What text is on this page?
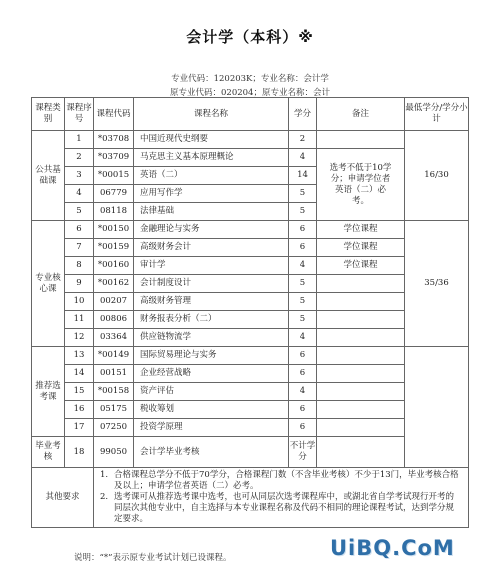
会计学（本科）※
专业代码：120203K；专业名称：会计学
原专业代码：020204；原专业名称：会计
课程类别	课程序号	课程代码	课程名称	学分	备注	最低学分/学分小计
公共基础课	1	*03708	中国近现代史纲要	2		16/30
	2	*03709	马克思主义基本原理概论	4	选考不低于10学分；申请学位者英语（二）必考。	
	3	*00015	英语（二）	14		
	4	06779	应用写作学	5		
	5	08118	法律基础	5		
专业核心课	6	*00150	金融理论与实务	6	学位课程	35/36
	7	*00159	高级财务会计	6	学位课程	
	8	*00160	审计学	4	学位课程	
	9	*00162	会计制度设计	5		
	10	00207	高级财务管理	5		
	11	00806	财务报表分析（二）	5		
	12	03364	供应链物流学	4		
推荐选考课	13	*00149	国际贸易理论与实务	6		
	14	00151	企业经营战略	6		
	15	*00158	资产评估	4		
	16	05175	税收筹划	6		
	17	07250	投资学原理	6		
毕业考核	18	99050	会计学毕业考核	不计学分		
其他要求		1. 合格课程总学分不低于70学分，合格课程门数（不含毕业考核）不少于13门，毕业考核合格及以上；申请学位者英语（二）必考。
2. 选考课可从推荐选考课中选考，也可从同层次选考课程库中，或湖北省自学考试现行开考的同层次其他专业中，自主选择与本专业课程名称及代码不相同的理论课程考试，达到学分规定要求。				
说明：“*”表示原专业考试计划已设课程。	UiBQ.CoM
